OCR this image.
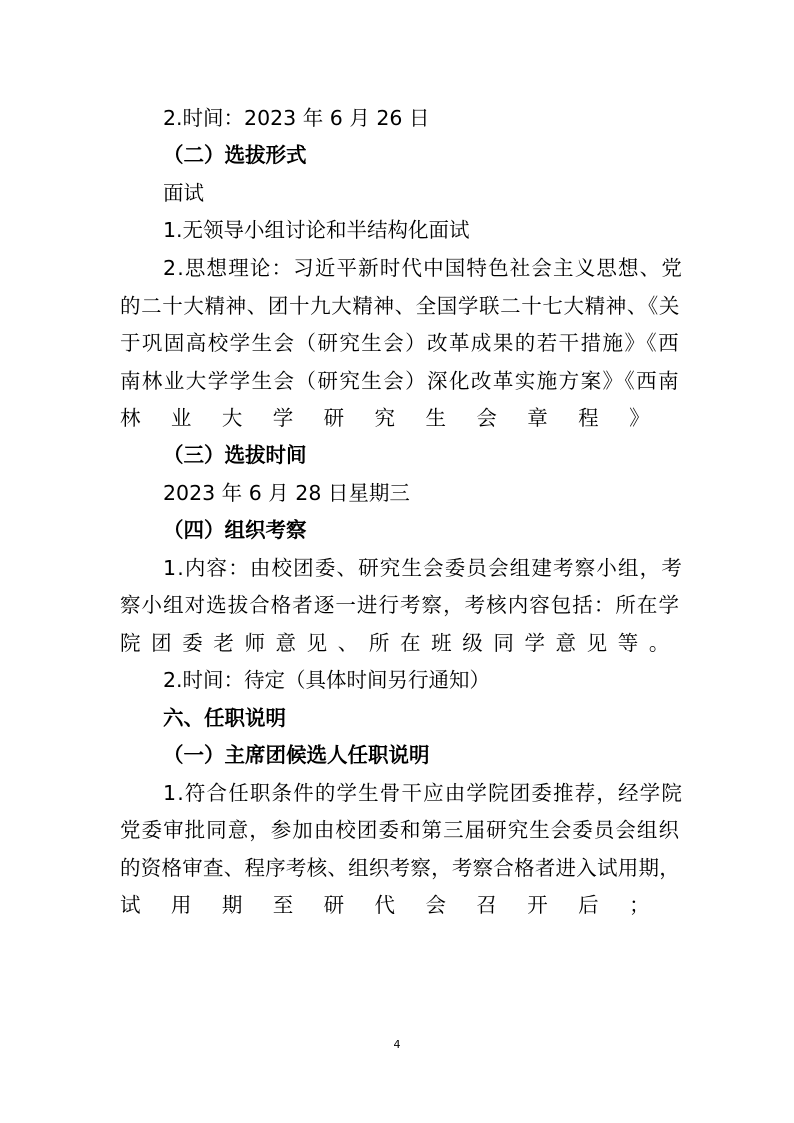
2.时间：2023 年 6 月 26 日
（二）选拔形式
面试
1.无领导小组讨论和半结构化面试
2.思想理论：习近平新时代中国特色社会主义思想、党
的二十大精神、团十九大精神、全国学联二十七大精神、《关
于巩固高校学生会（研究生会）改革成果的若干措施》《西
南林业大学学生会（研究生会）深化改革实施方案》《西南
林业大学研究生会章程》
（三）选拔时间
2023 年 6 月 28 日星期三
（四）组织考察
1.内容：由校团委、研究生会委员会组建考察小组，考
察小组对选拔合格者逐一进行考察，考核内容包括：所在学
院团委老师意见、所在班级同学意见等。
2.时间：待定（具体时间另行通知）
六、任职说明
（一）主席团候选人任职说明
1.符合任职条件的学生骨干应由学院团委推荐，经学院
党委审批同意，参加由校团委和第三届研究生会委员会组织
的资格审查、程序考核、组织考察，考察合格者进入试用期，
试用期至研代会召开后；
4
